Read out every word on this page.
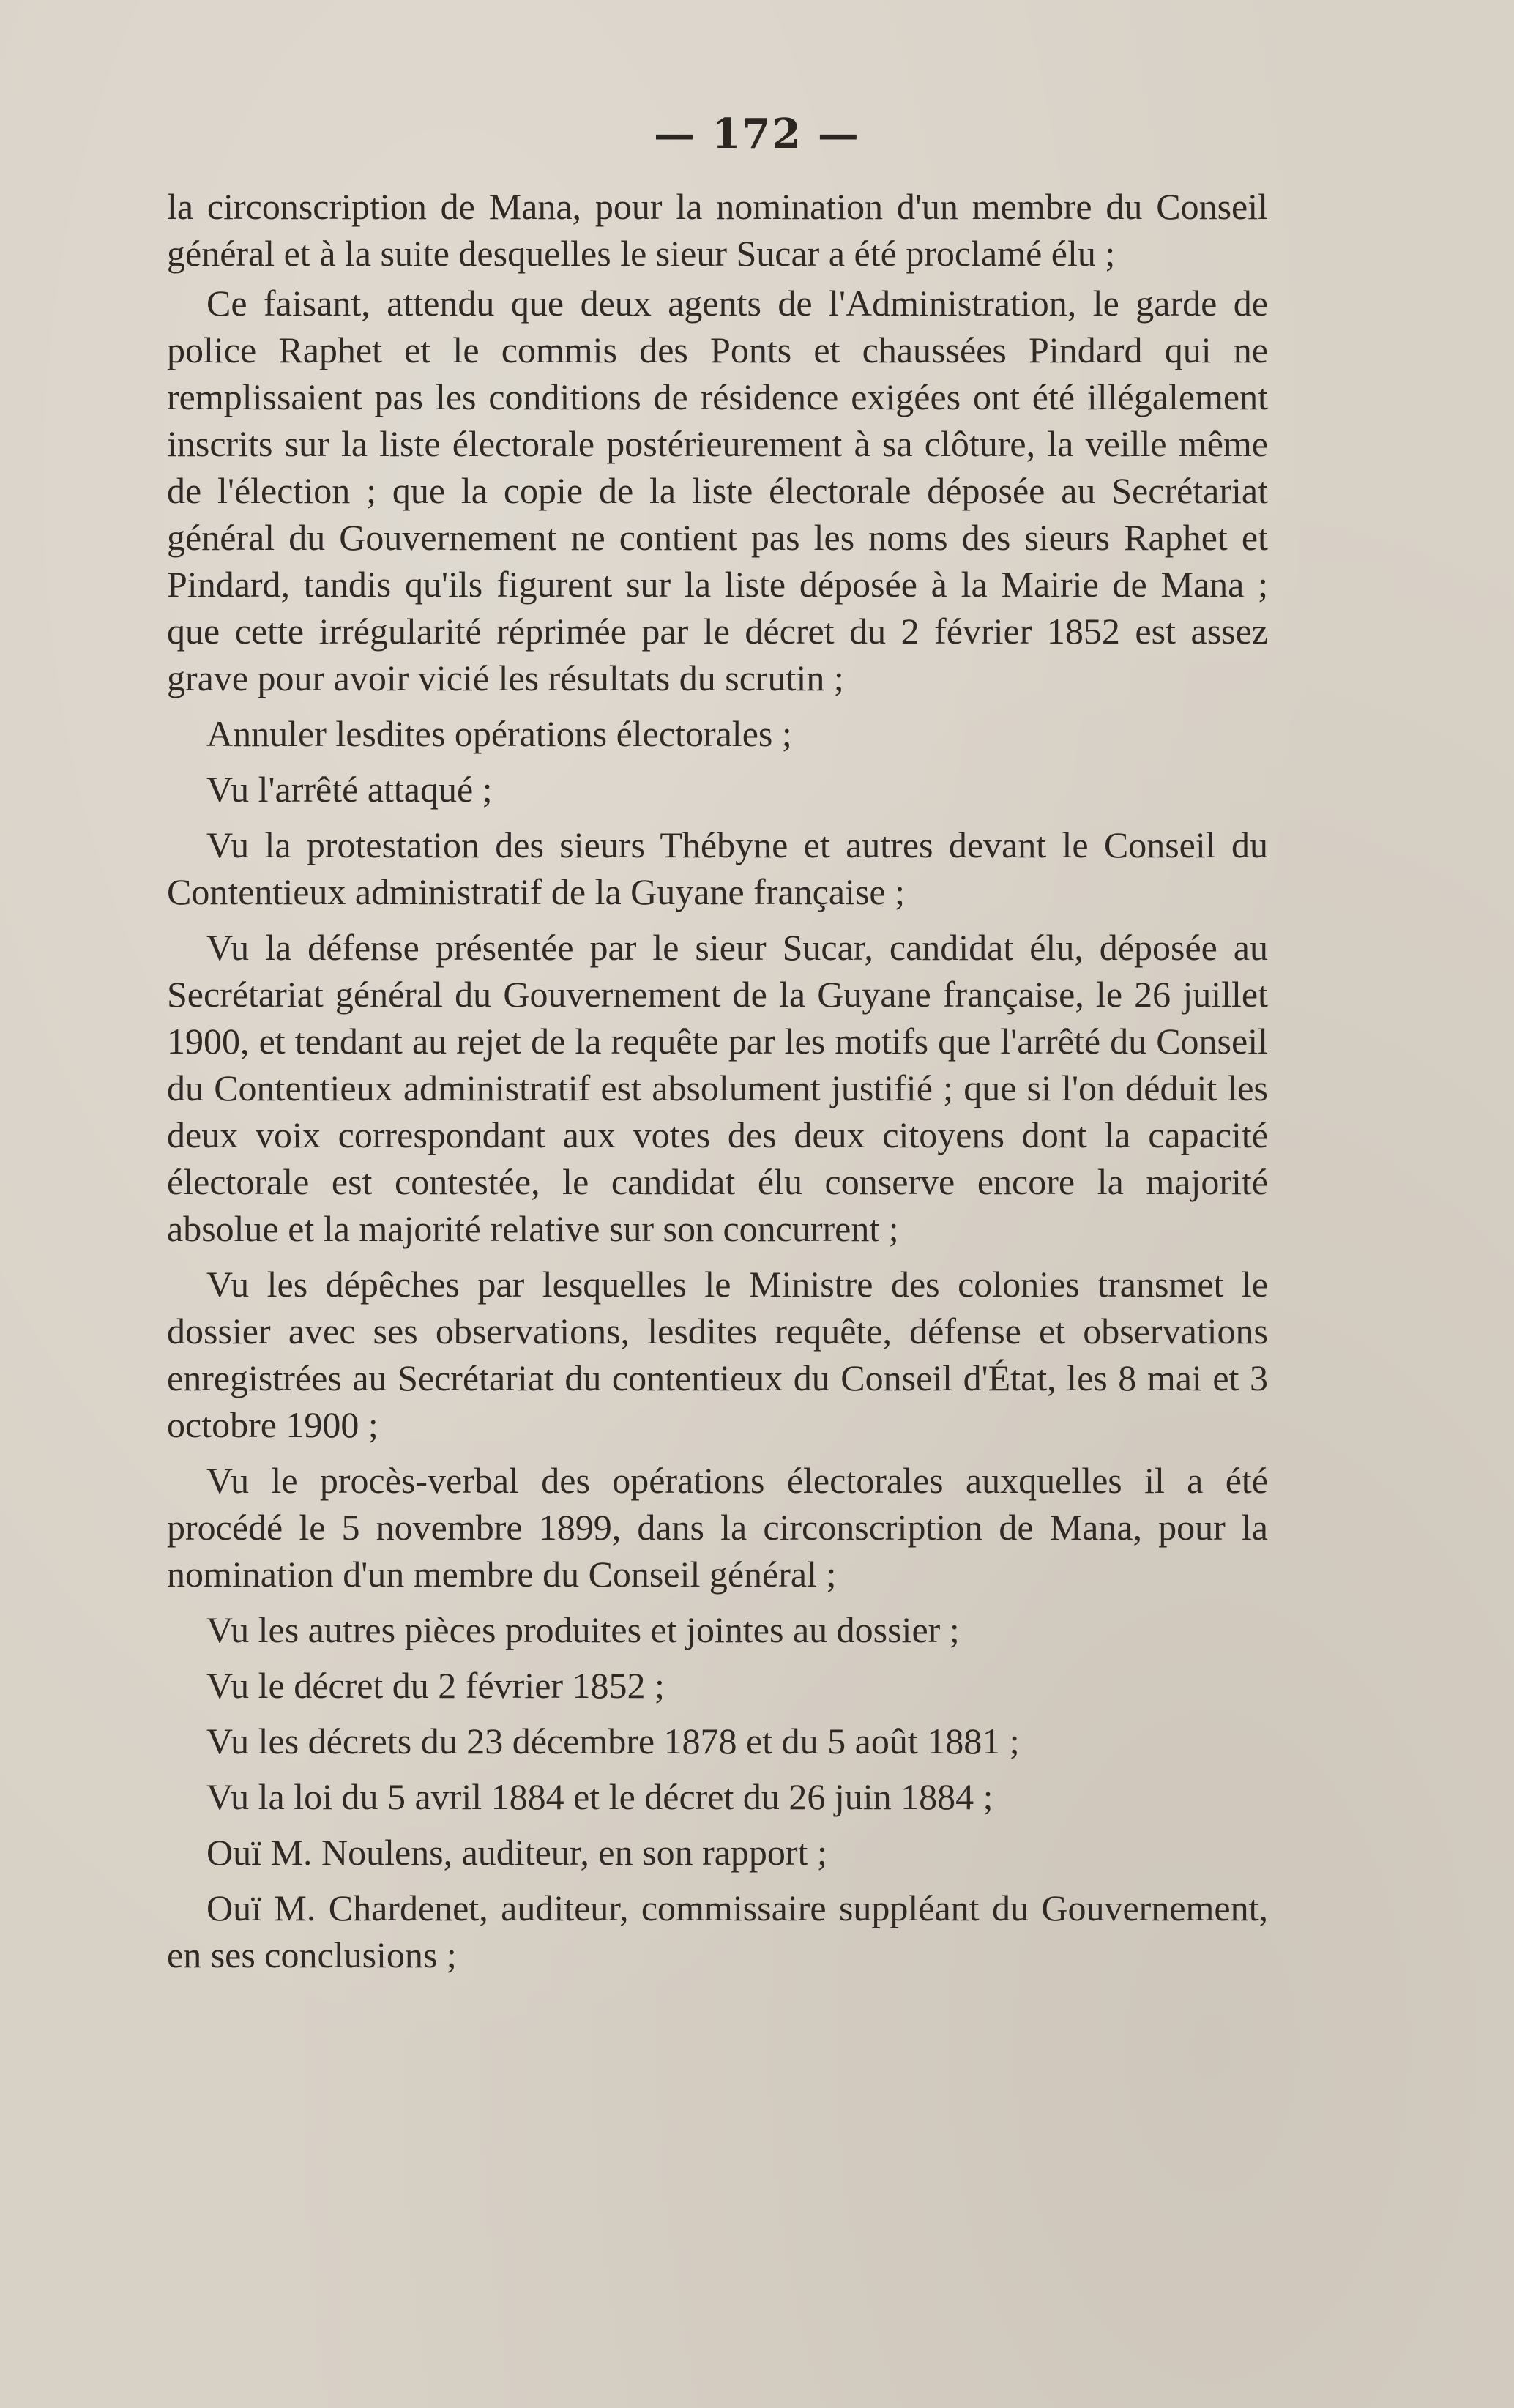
— 172 —

la circonscription de Mana, pour la nomination d'un membre du Conseil général et à la suite desquelles le sieur Sucar a été proclamé élu ;

Ce faisant, attendu que deux agents de l'Administration, le garde de police Raphet et le commis des Ponts et chaussées Pindard qui ne remplissaient pas les conditions de résidence exigées ont été illégalement inscrits sur la liste électorale postérieurement à sa clôture, la veille même de l'élection ; que la copie de la liste électorale déposée au Secrétariat général du Gouvernement ne contient pas les noms des sieurs Raphet et Pindard, tandis qu'ils figurent sur la liste déposée à la Mairie de Mana ; que cette irrégularité réprimée par le décret du 2 février 1852 est assez grave pour avoir vicié les résultats du scrutin ;

Annuler lesdites opérations électorales ;

Vu l'arrêté attaqué ;

Vu la protestation des sieurs Thébyne et autres devant le Conseil du Contentieux administratif de la Guyane française ;

Vu la défense présentée par le sieur Sucar, candidat élu, déposée au Secrétariat général du Gouvernement de la Guyane française, le 26 juillet 1900, et tendant au rejet de la requête par les motifs que l'arrêté du Conseil du Contentieux administratif est absolument justifié ; que si l'on déduit les deux voix correspondant aux votes des deux citoyens dont la capacité électorale est contestée, le candidat élu conserve encore la majorité absolue et la majorité relative sur son concurrent ;

Vu les dépêches par lesquelles le Ministre des colonies transmet le dossier avec ses observations, lesdites requête, défense et observations enregistrées au Secrétariat du contentieux du Conseil d'État, les 8 mai et 3 octobre 1900 ;

Vu le procès-verbal des opérations électorales auxquelles il a été procédé le 5 novembre 1899, dans la circonscription de Mana, pour la nomination d'un membre du Conseil général ;

Vu les autres pièces produites et jointes au dossier ;

Vu le décret du 2 février 1852 ;

Vu les décrets du 23 décembre 1878 et du 5 août 1881 ;

Vu la loi du 5 avril 1884 et le décret du 26 juin 1884 ;

Ouï M. Noulens, auditeur, en son rapport ;

Ouï M. Chardenet, auditeur, commissaire suppléant du Gouvernement, en ses conclusions ;
